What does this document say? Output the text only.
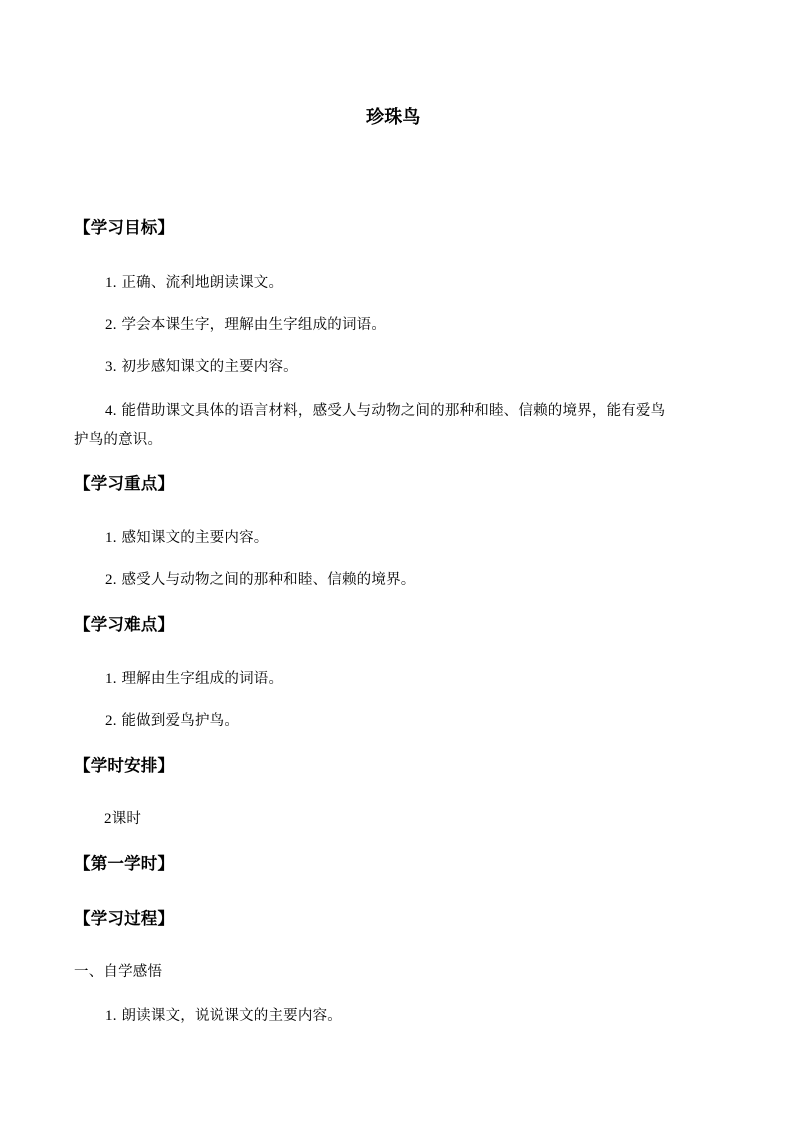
珍珠鸟
【学习目标】
1. 正确、流利地朗读课文。
2. 学会本课生字，理解由生字组成的词语。
3. 初步感知课文的主要内容。
4. 能借助课文具体的语言材料，感受人与动物之间的那种和睦、信赖的境界，能有爱鸟
护鸟的意识。
【学习重点】
1. 感知课文的主要内容。
2. 感受人与动物之间的那种和睦、信赖的境界。
【学习难点】
1. 理解由生字组成的词语。
2. 能做到爱鸟护鸟。
【学时安排】
2课时
【第一学时】
【学习过程】
一、自学感悟
1. 朗读课文，说说课文的主要内容。
